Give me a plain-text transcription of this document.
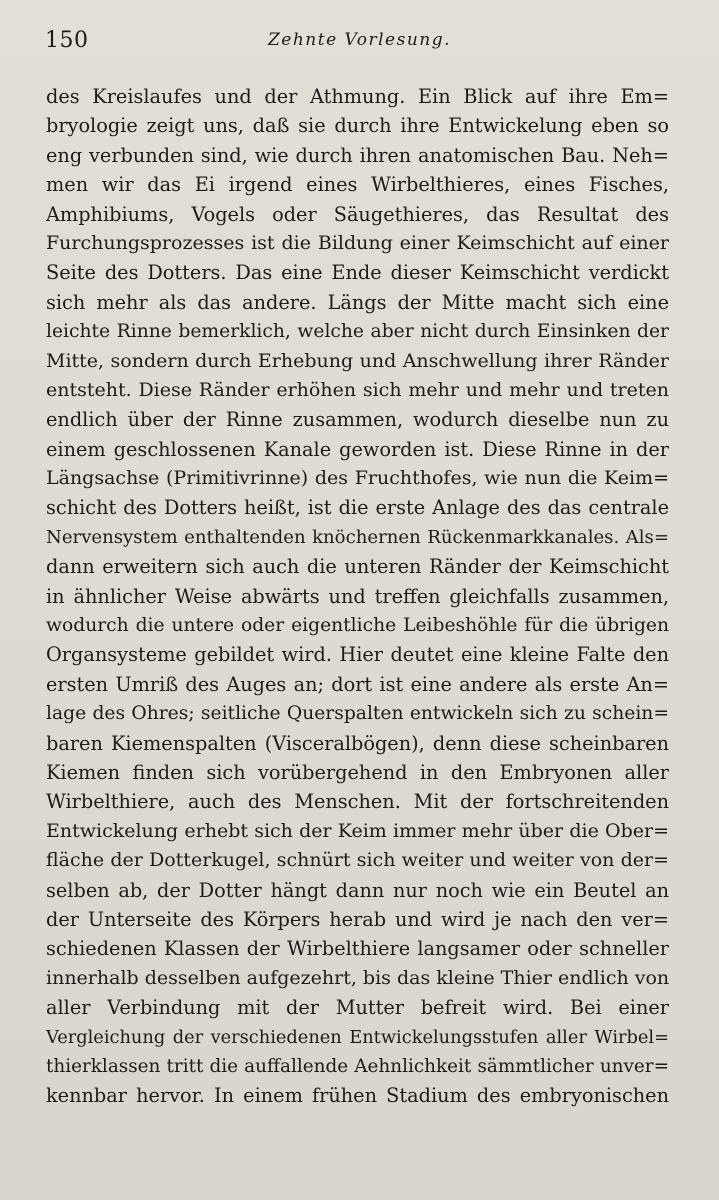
150	Zehnte Vorlesung.
des Kreislaufes und der Athmung. Ein Blick auf ihre Em=
bryologie zeigt uns, daß sie durch ihre Entwickelung eben so
eng verbunden sind, wie durch ihren anatomischen Bau. Neh=
men wir das Ei irgend eines Wirbelthieres, eines Fisches,
Amphibiums, Vogels oder Säugethieres, das Resultat des
Furchungsprozesses ist die Bildung einer Keimschicht auf einer
Seite des Dotters. Das eine Ende dieser Keimschicht verdickt
sich mehr als das andere. Längs der Mitte macht sich eine
leichte Rinne bemerklich, welche aber nicht durch Einsinken der
Mitte, sondern durch Erhebung und Anschwellung ihrer Ränder
entsteht. Diese Ränder erhöhen sich mehr und mehr und treten
endlich über der Rinne zusammen, wodurch dieselbe nun zu
einem geschlossenen Kanale geworden ist. Diese Rinne in der
Längsachse (Primitivrinne) des Fruchthofes, wie nun die Keim=
schicht des Dotters heißt, ist die erste Anlage des das centrale
Nervensystem enthaltenden knöchernen Rückenmarkkanales. Als=
dann erweitern sich auch die unteren Ränder der Keimschicht
in ähnlicher Weise abwärts und treffen gleichfalls zusammen,
wodurch die untere oder eigentliche Leibeshöhle für die übrigen
Organsysteme gebildet wird. Hier deutet eine kleine Falte den
ersten Umriß des Auges an; dort ist eine andere als erste An=
lage des Ohres; seitliche Querspalten entwickeln sich zu schein=
baren Kiemenspalten (Visceralbögen), denn diese scheinbaren
Kiemen finden sich vorübergehend in den Embryonen aller
Wirbelthiere, auch des Menschen. Mit der fortschreitenden
Entwickelung erhebt sich der Keim immer mehr über die Ober=
fläche der Dotterkugel, schnürt sich weiter und weiter von der=
selben ab, der Dotter hängt dann nur noch wie ein Beutel an
der Unterseite des Körpers herab und wird je nach den ver=
schiedenen Klassen der Wirbelthiere langsamer oder schneller
innerhalb desselben aufgezehrt, bis das kleine Thier endlich von
aller Verbindung mit der Mutter befreit wird. Bei einer
Vergleichung der verschiedenen Entwickelungsstufen aller Wirbel=
thierklassen tritt die auffallende Aehnlichkeit sämmtlicher unver=
kennbar hervor. In einem frühen Stadium des embryonischen
